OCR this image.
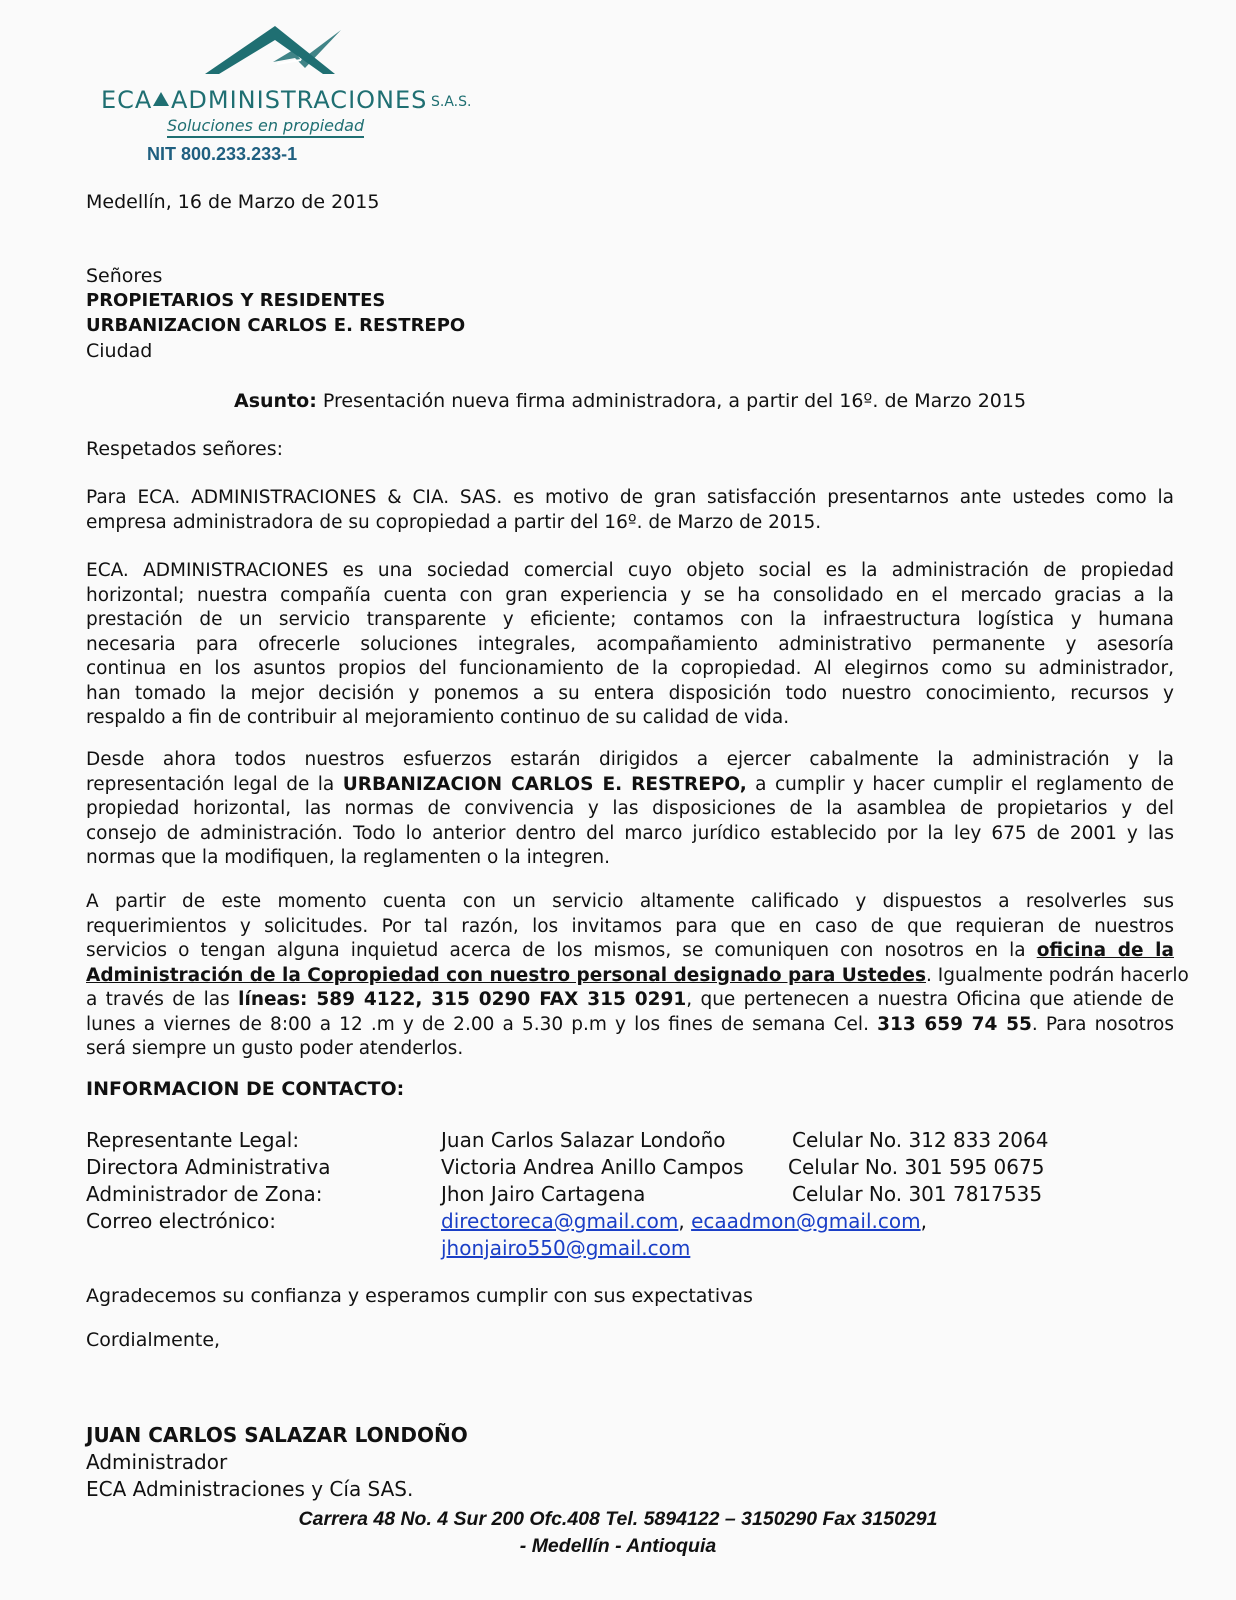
ECA ADMINISTRACIONES S.A.S.
Soluciones en propiedad
NIT 800.233.233-1
Medellín, 16 de Marzo de 2015
Señores
PROPIETARIOS Y RESIDENTES
URBANIZACION CARLOS E. RESTREPO
Ciudad
Asunto: Presentación nueva firma administradora, a partir del 16º. de Marzo 2015
Respetados señores:
Para ECA. ADMINISTRACIONES & CIA. SAS. es motivo de gran satisfacción presentarnos ante ustedes como la
empresa administradora de su copropiedad a partir del 16º. de Marzo de 2015.
ECA. ADMINISTRACIONES es una sociedad comercial cuyo objeto social es la administración de propiedad
horizontal; nuestra compañía cuenta con gran experiencia y se ha consolidado en el mercado gracias a la
prestación de un servicio transparente y eficiente; contamos con la infraestructura logística y humana
necesaria para ofrecerle soluciones integrales, acompañamiento administrativo permanente y asesoría
continua en los asuntos propios del funcionamiento de la copropiedad. Al elegirnos como su administrador,
han tomado la mejor decisión y ponemos a su entera disposición todo nuestro conocimiento, recursos y
respaldo a fin de contribuir al mejoramiento continuo de su calidad de vida.
Desde ahora todos nuestros esfuerzos estarán dirigidos a ejercer cabalmente la administración y la
representación legal de la URBANIZACION CARLOS E. RESTREPO, a cumplir y hacer cumplir el reglamento de
propiedad horizontal, las normas de convivencia y las disposiciones de la asamblea de propietarios y del
consejo de administración. Todo lo anterior dentro del marco jurídico establecido por la ley 675 de 2001 y las
normas que la modifiquen, la reglamenten o la integren.
A partir de este momento cuenta con un servicio altamente calificado y dispuestos a resolverles sus
requerimientos y solicitudes. Por tal razón, los invitamos para que en caso de que requieran de nuestros
servicios o tengan alguna inquietud acerca de los mismos, se comuniquen con nosotros en la oficina de la
Administración de la Copropiedad con nuestro personal designado para Ustedes. Igualmente podrán hacerlo
a través de las líneas: 589 4122, 315 0290 FAX 315 0291, que pertenecen a nuestra Oficina que atiende de
lunes a viernes de 8:00 a 12 .m y de 2.00 a 5.30 p.m y los fines de semana Cel. 313 659 74 55. Para nosotros
será siempre un gusto poder atenderlos.
INFORMACION DE CONTACTO:
Representante Legal:	Juan Carlos Salazar Londoño	Celular No. 312 833 2064
Directora Administrativa	Victoria Andrea Anillo Campos Celular No. 301 595 0675
Administrador de Zona:	Jhon Jairo Cartagena	Celular No. 301 7817535
Correo electrónico:	directoreca@gmail.com, ecaadmon@gmail.com,
jhonjairo550@gmail.com
Agradecemos su confianza y esperamos cumplir con sus expectativas
Cordialmente,
JUAN CARLOS SALAZAR LONDOÑO
Administrador
ECA Administraciones y Cía SAS.
Carrera 48 No. 4 Sur 200 Ofc.408 Tel. 5894122 – 3150290 Fax 3150291
- Medellín - Antioquia
